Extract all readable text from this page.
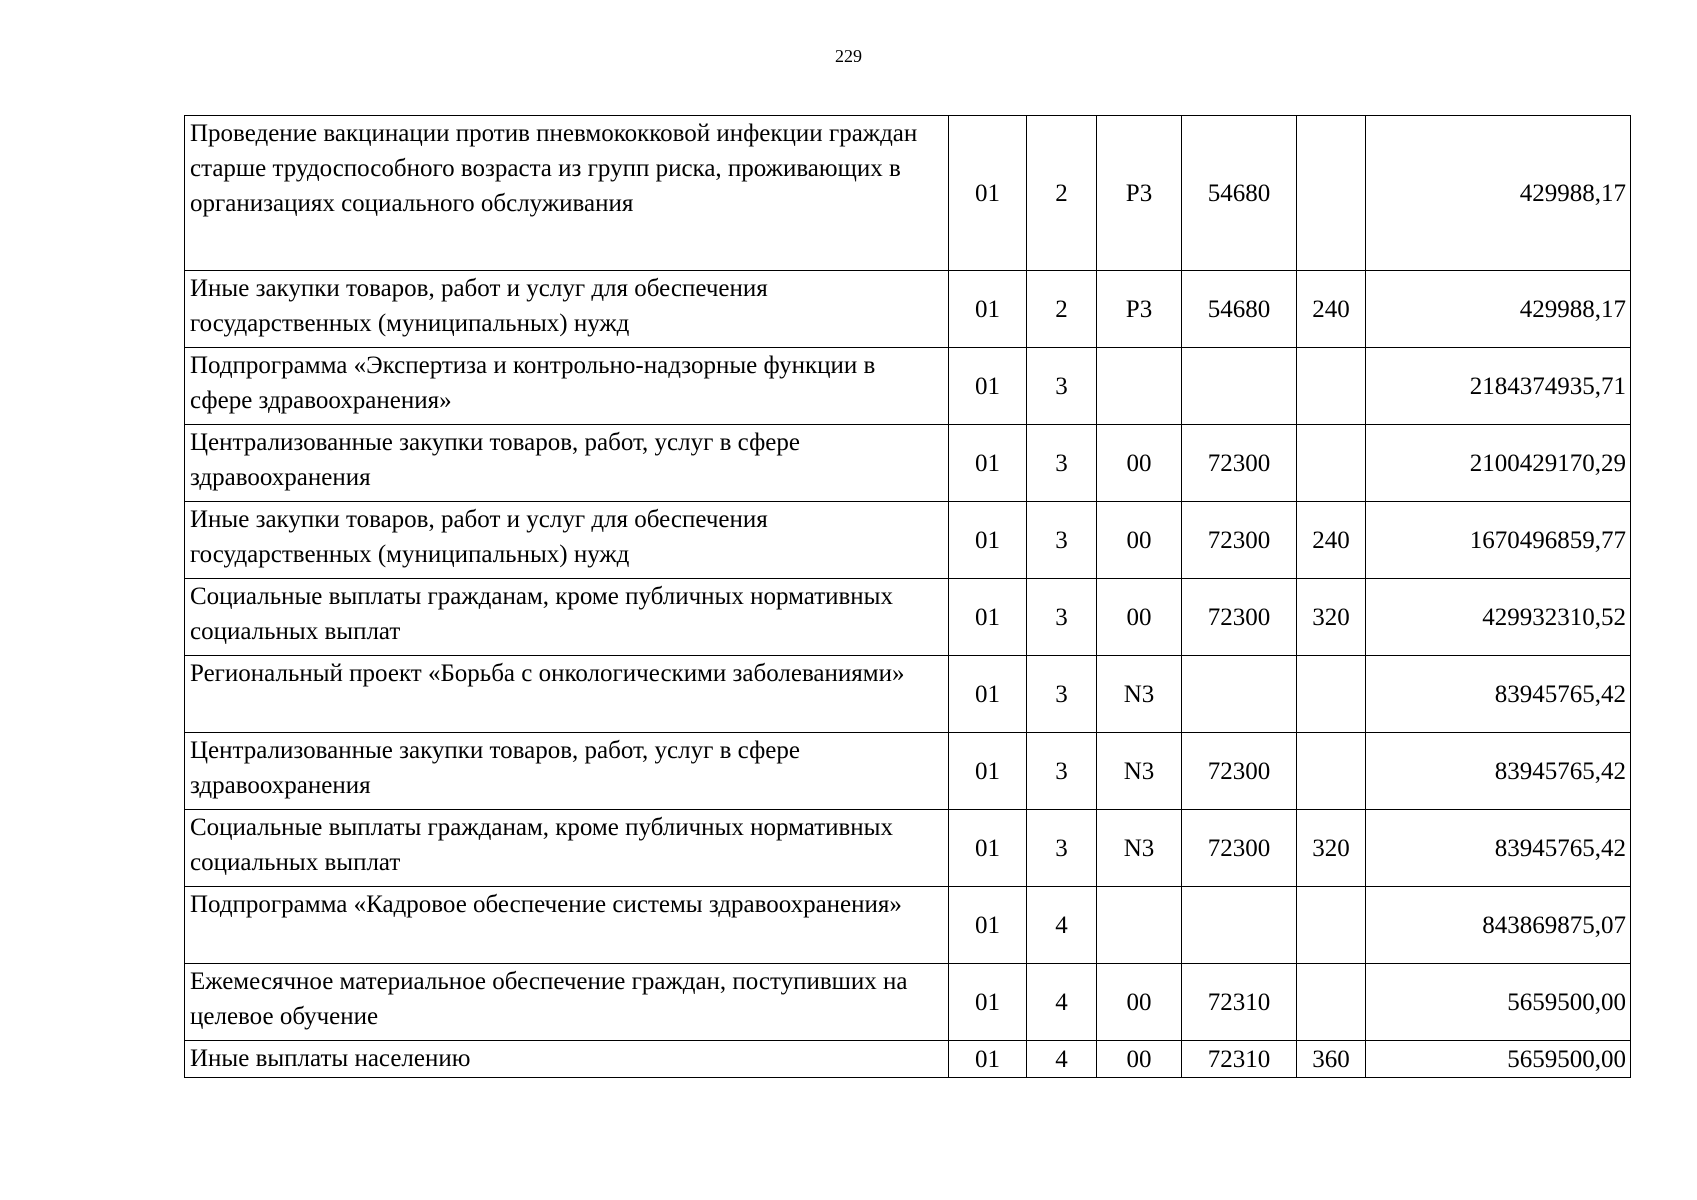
229
Проведение вакцинации против пневмококковой инфекции граждан старше трудоспособного возраста из групп риска, проживающих в организациях социального обслуживания	01	2	P3	54680		429988,17
Иные закупки товаров, работ и услуг для обеспечения государственных (муниципальных) нужд	01	2	P3	54680	240	429988,17
Подпрограмма «Экспертиза и контрольно-надзорные функции в сфере здравоохранения»	01	3				2184374935,71
Централизованные закупки товаров, работ, услуг в сфере здравоохранения	01	3	00	72300		2100429170,29
Иные закупки товаров, работ и услуг для обеспечения государственных (муниципальных) нужд	01	3	00	72300	240	1670496859,77
Социальные выплаты гражданам, кроме публичных нормативных социальных выплат	01	3	00	72300	320	429932310,52
Региональный проект «Борьба с онкологическими заболеваниями»	01	3	N3			83945765,42
Централизованные закупки товаров, работ, услуг в сфере здравоохранения	01	3	N3	72300		83945765,42
Социальные выплаты гражданам, кроме публичных нормативных социальных выплат	01	3	N3	72300	320	83945765,42
Подпрограмма «Кадровое обеспечение системы здравоохранения»	01	4				843869875,07
Ежемесячное материальное обеспечение граждан, поступивших на целевое обучение	01	4	00	72310		5659500,00
Иные выплаты населению	01	4	00	72310	360	5659500,00
